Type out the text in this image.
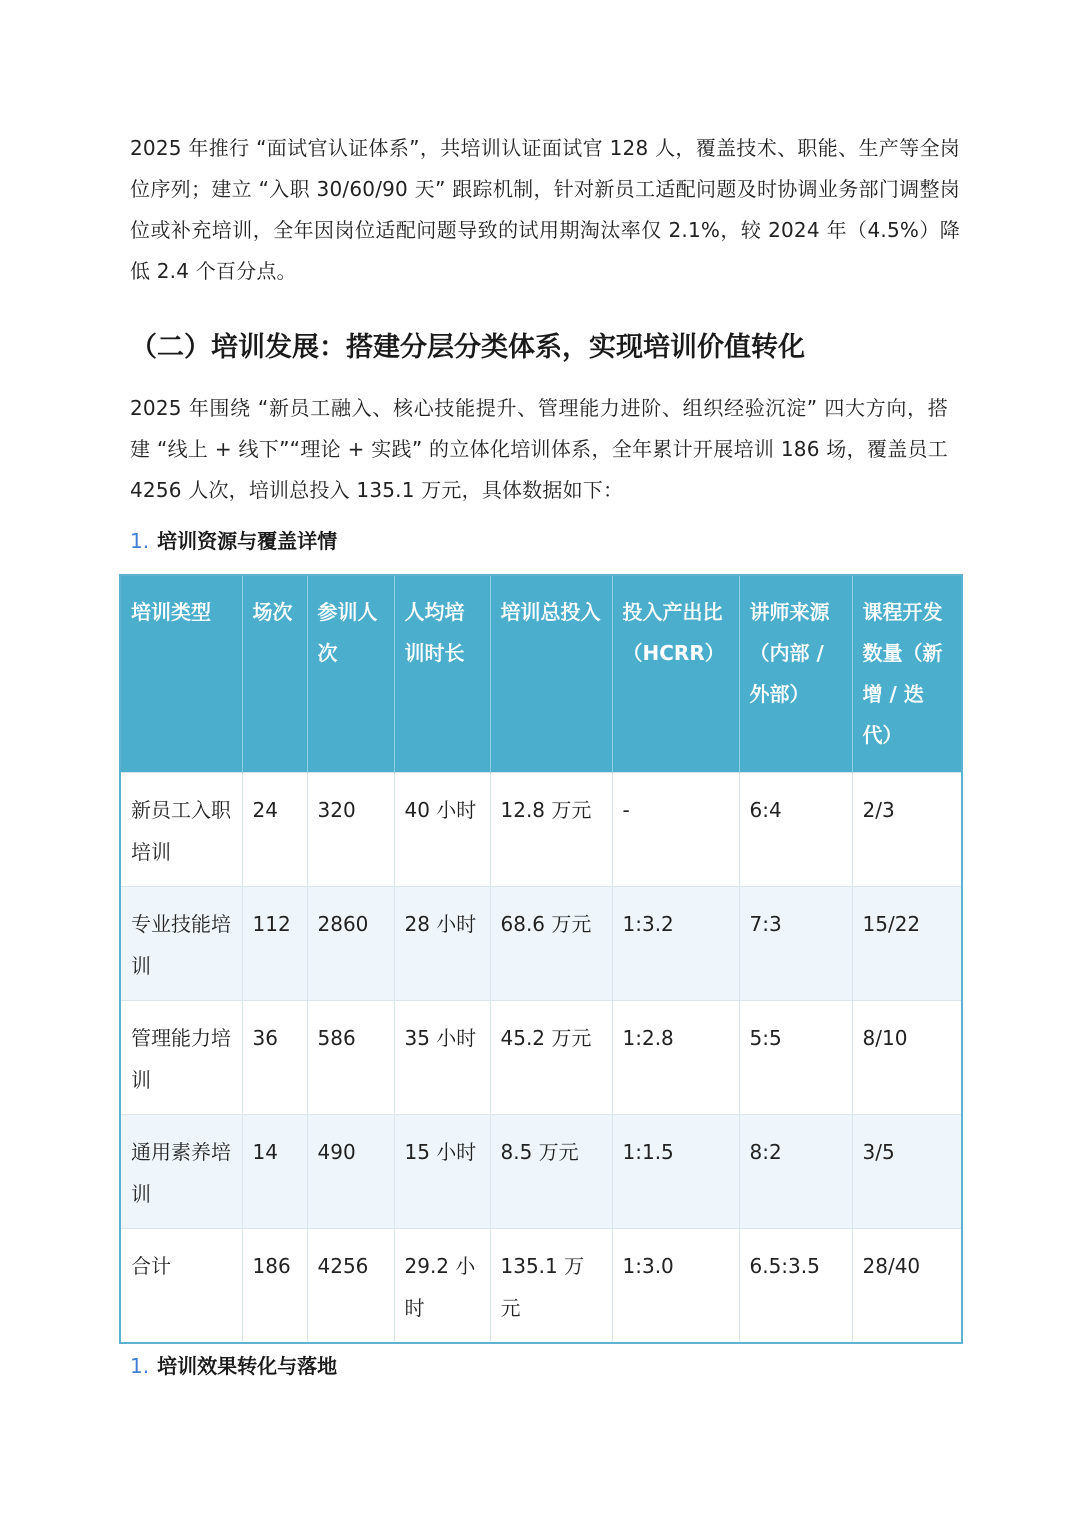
2025 年推行 “面试官认证体系”，共培训认证面试官 128 人，覆盖技术、职能、生产等全岗位序列；建立 “入职 30/60/90 天” 跟踪机制，针对新员工适配问题及时协调业务部门调整岗位或补充培训，全年因岗位适配问题导致的试用期淘汰率仅 2.1%，较 2024 年（4.5%）降低 2.4 个百分点。

（二）培训发展：搭建分层分类体系，实现培训价值转化

2025 年围绕 “新员工融入、核心技能提升、管理能力进阶、组织经验沉淀” 四大方向，搭建 “线上 + 线下”“理论 + 实践” 的立体化培训体系，全年累计开展培训 186 场，覆盖员工 4256 人次，培训总投入 135.1 万元，具体数据如下：

1. 培训资源与覆盖详情
培训类型	场次	参训人次	人均培训时长	培训总投入	投入产出比（HCRR）	讲师来源（内部 / 外部）	课程开发数量（新增 / 迭代）
新员工入职培训	24	320	40 小时	12.8 万元	-	6:4	2/3
专业技能培训	112	2860	28 小时	68.6 万元	1:3.2	7:3	15/22
管理能力培训	36	586	35 小时	45.2 万元	1:2.8	5:5	8/10
通用素养培训	14	490	15 小时	8.5 万元	1:1.5	8:2	3/5
合计	186	4256	29.2 小时	135.1 万元	1:3.0	6.5:3.5	28/40
1. 培训效果转化与落地
